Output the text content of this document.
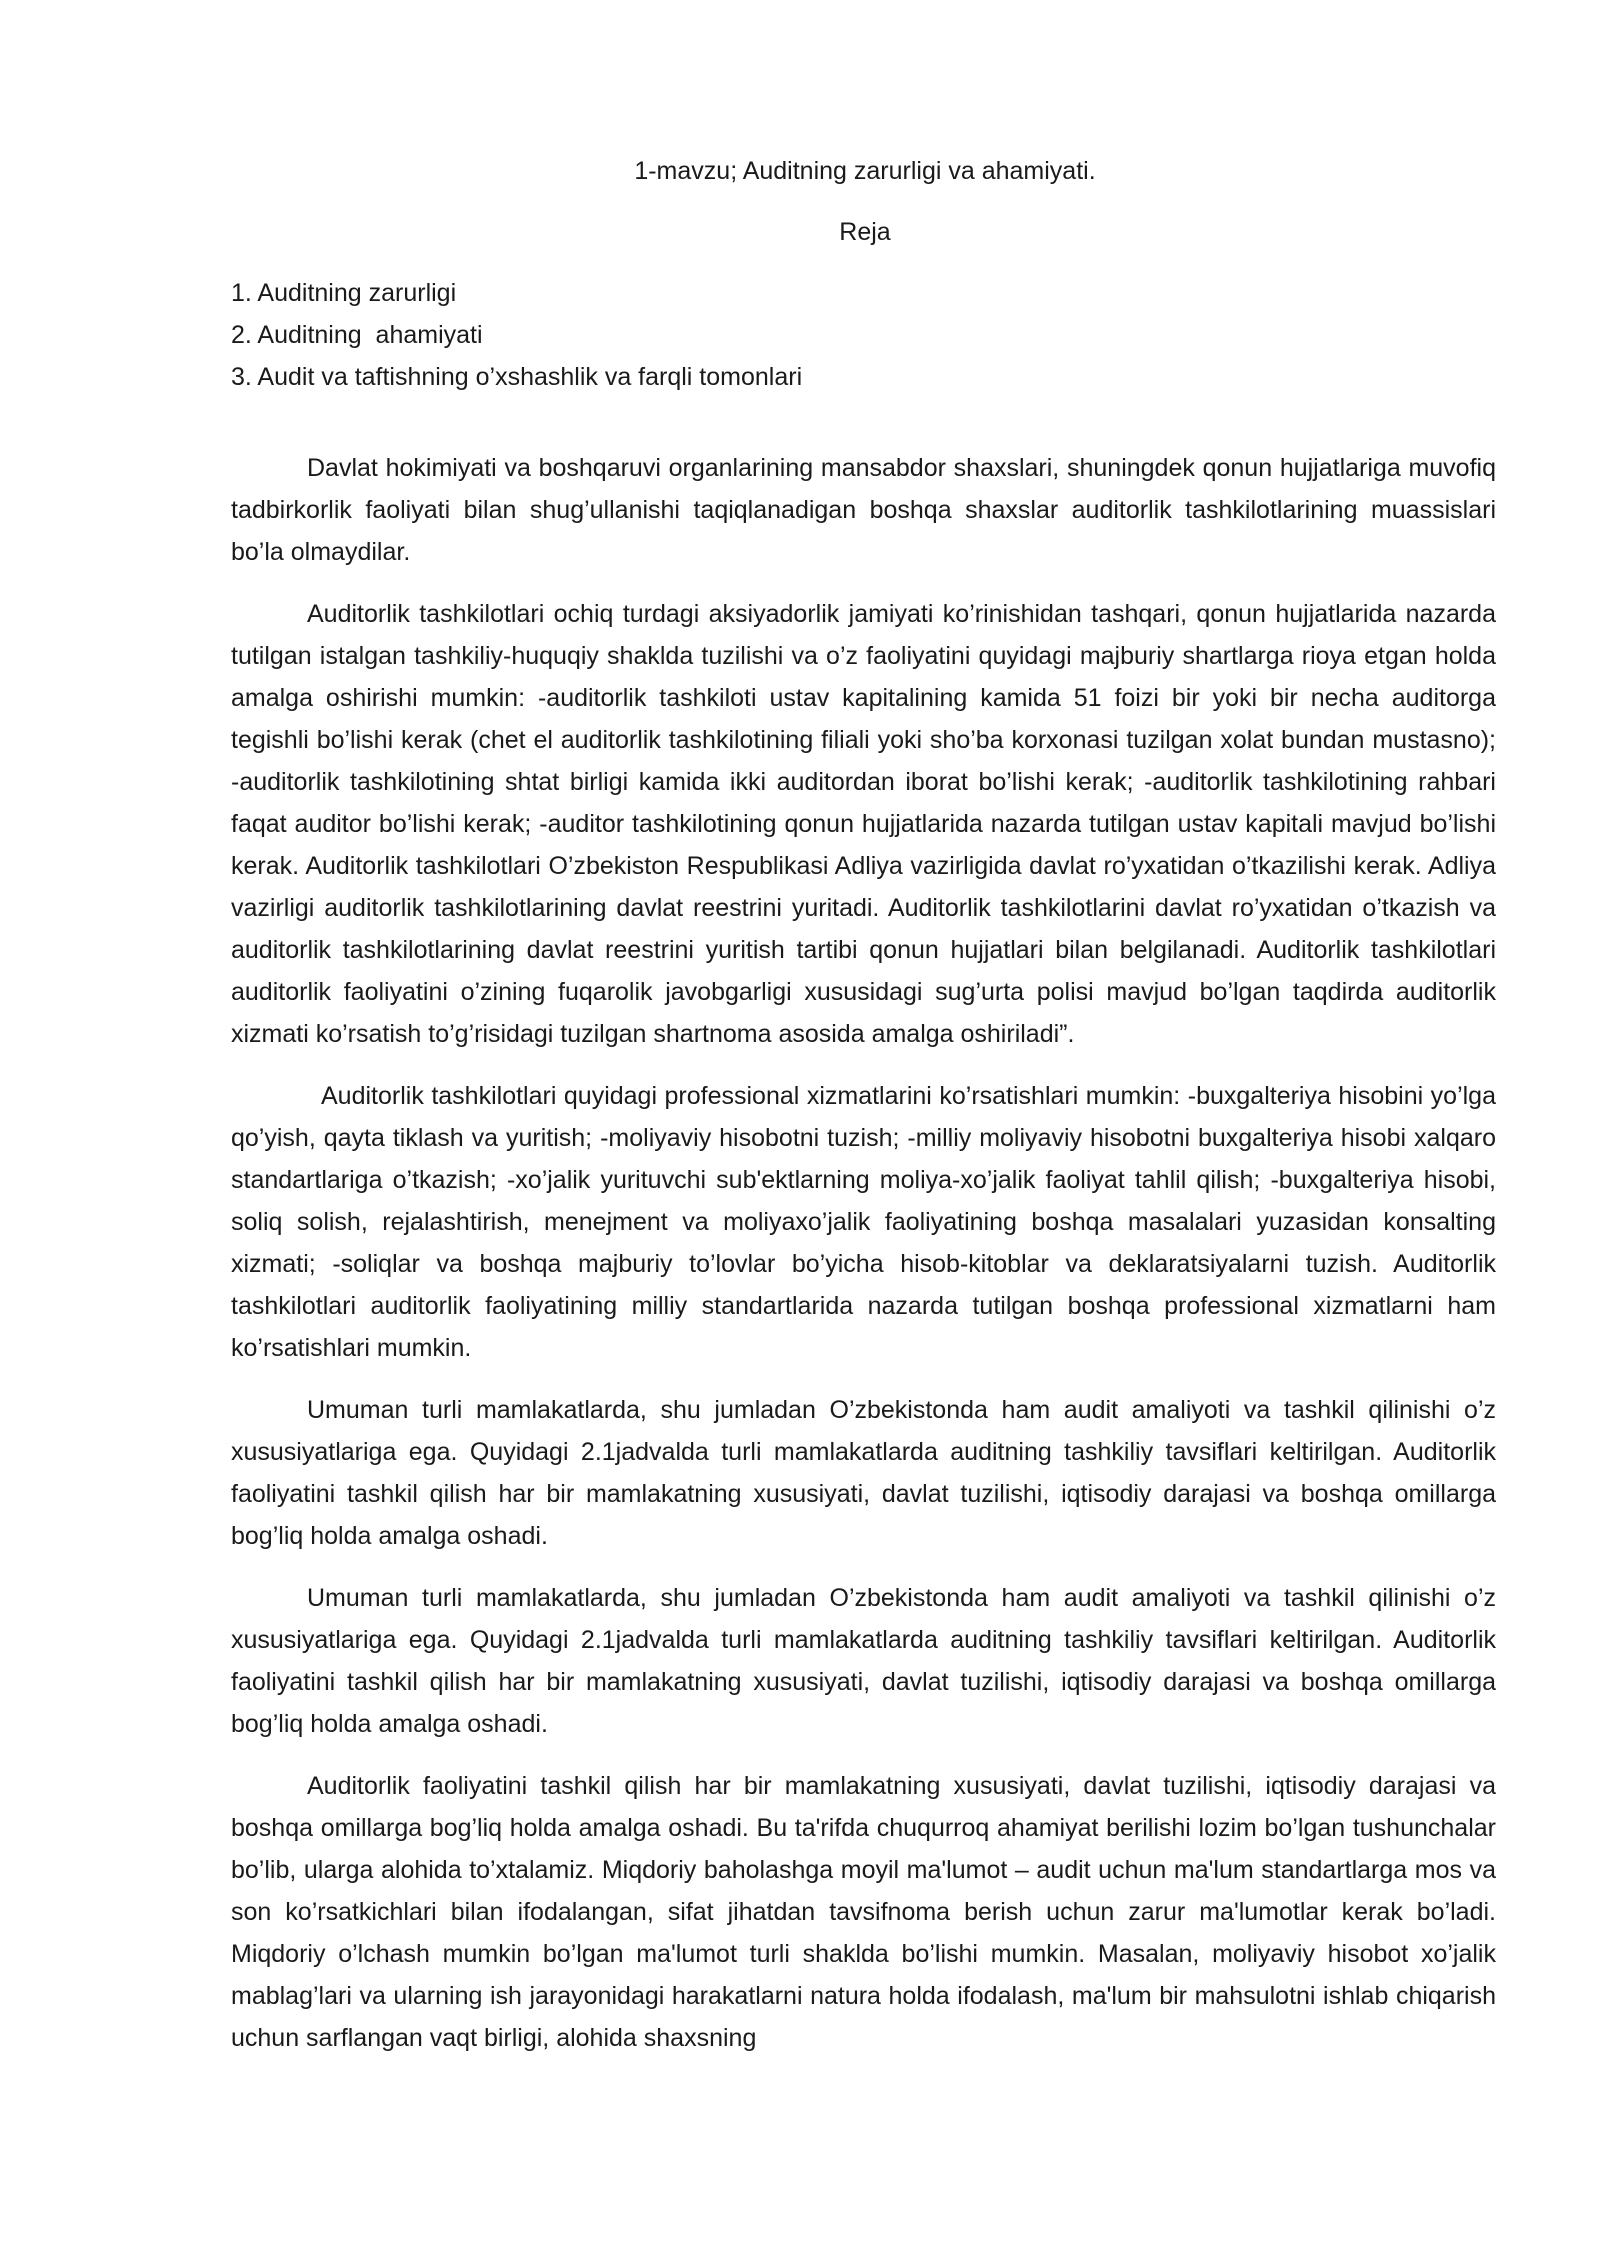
1-mavzu; Auditning zarurligi va ahamiyati.
Reja
1. Auditning zarurligi
2. Auditning  ahamiyati
3. Audit va taftishning o’xshashlik va farqli tomonlari

Davlat hokimiyati va boshqaruvi organlarining mansabdor shaxslari, shuningdek qonun hujjatlariga muvofiq tadbirkorlik faoliyati bilan shug’ullanishi taqiqlanadigan boshqa shaxslar auditorlik tashkilotlarining muassislari bo’la olmaydilar.

Auditorlik tashkilotlari ochiq turdagi aksiyadorlik jamiyati ko’rinishidan tashqari, qonun hujjatlarida nazarda tutilgan istalgan tashkiliy-huquqiy shaklda tuzilishi va o’z faoliyatini quyidagi majburiy shartlarga rioya etgan holda amalga oshirishi mumkin: -auditorlik tashkiloti ustav kapitalining kamida 51 foizi bir yoki bir necha auditorga tegishli bo’lishi kerak (chet el auditorlik tashkilotining filiali yoki sho’ba korxonasi tuzilgan xolat bundan mustasno); -auditorlik tashkilotining shtat birligi kamida ikki auditordan iborat bo’lishi kerak; -auditorlik tashkilotining rahbari faqat auditor bo’lishi kerak; -auditor tashkilotining qonun hujjatlarida nazarda tutilgan ustav kapitali mavjud bo’lishi kerak. Auditorlik tashkilotlari O’zbekiston Respublikasi Adliya vazirligida davlat ro’yxatidan o’tkazilishi kerak. Adliya vazirligi auditorlik tashkilotlarining davlat reestrini yuritadi. Auditorlik tashkilotlarini davlat ro’yxatidan o’tkazish va auditorlik tashkilotlarining davlat reestrini yuritish tartibi qonun hujjatlari bilan belgilanadi. Auditorlik tashkilotlari auditorlik faoliyatini o’zining fuqarolik javobgarligi xususidagi sug’urta polisi mavjud bo’lgan taqdirda auditorlik xizmati ko’rsatish to’g’risidagi tuzilgan shartnoma asosida amalga oshiriladi”.

Auditorlik tashkilotlari quyidagi professional xizmatlarini ko’rsatishlari mumkin: -buxgalteriya hisobini yo’lga qo’yish, qayta tiklash va yuritish; -moliyaviy hisobotni tuzish; -milliy moliyaviy hisobotni buxgalteriya hisobi xalqaro standartlariga o’tkazish; -xo’jalik yurituvchi sub'ektlarning moliya-xo’jalik faoliyat tahlil qilish; -buxgalteriya hisobi, soliq solish, rejalashtirish, menejment va moliyaxo’jalik faoliyatining boshqa masalalari yuzasidan konsalting xizmati; -soliqlar va boshqa majburiy to’lovlar bo’yicha hisob-kitoblar va deklaratsiyalarni tuzish. Auditorlik tashkilotlari auditorlik faoliyatining milliy standartlarida nazarda tutilgan boshqa professional xizmatlarni ham ko’rsatishlari mumkin.

Umuman turli mamlakatlarda, shu jumladan O’zbekistonda ham audit amaliyoti va tashkil qilinishi o’z xususiyatlariga ega. Quyidagi 2.1jadvalda turli mamlakatlarda auditning tashkiliy tavsiflari keltirilgan. Auditorlik faoliyatini tashkil qilish har bir mamlakatning xususiyati, davlat tuzilishi, iqtisodiy darajasi va boshqa omillarga bog’liq holda amalga oshadi.

Umuman turli mamlakatlarda, shu jumladan O’zbekistonda ham audit amaliyoti va tashkil qilinishi o’z xususiyatlariga ega. Quyidagi 2.1jadvalda turli mamlakatlarda auditning tashkiliy tavsiflari keltirilgan. Auditorlik faoliyatini tashkil qilish har bir mamlakatning xususiyati, davlat tuzilishi, iqtisodiy darajasi va boshqa omillarga bog’liq holda amalga oshadi.

Auditorlik faoliyatini tashkil qilish har bir mamlakatning xususiyati, davlat tuzilishi, iqtisodiy darajasi va boshqa omillarga bog’liq holda amalga oshadi. Bu ta'rifda chuqurroq ahamiyat berilishi lozim bo’lgan tushunchalar bo’lib, ularga alohida to’xtalamiz. Miqdoriy baholashga moyil ma'lumot – audit uchun ma'lum standartlarga mos va son ko’rsatkichlari bilan ifodalangan, sifat jihatdan tavsifnoma berish uchun zarur ma'lumotlar kerak bo’ladi. Miqdoriy o’lchash mumkin bo’lgan ma'lumot turli shaklda bo’lishi mumkin. Masalan, moliyaviy hisobot xo’jalik mablag’lari va ularning ish jarayonidagi harakatlarni natura holda ifodalash, ma'lum bir mahsulotni ishlab chiqarish uchun sarflangan vaqt birligi, alohida shaxsning
